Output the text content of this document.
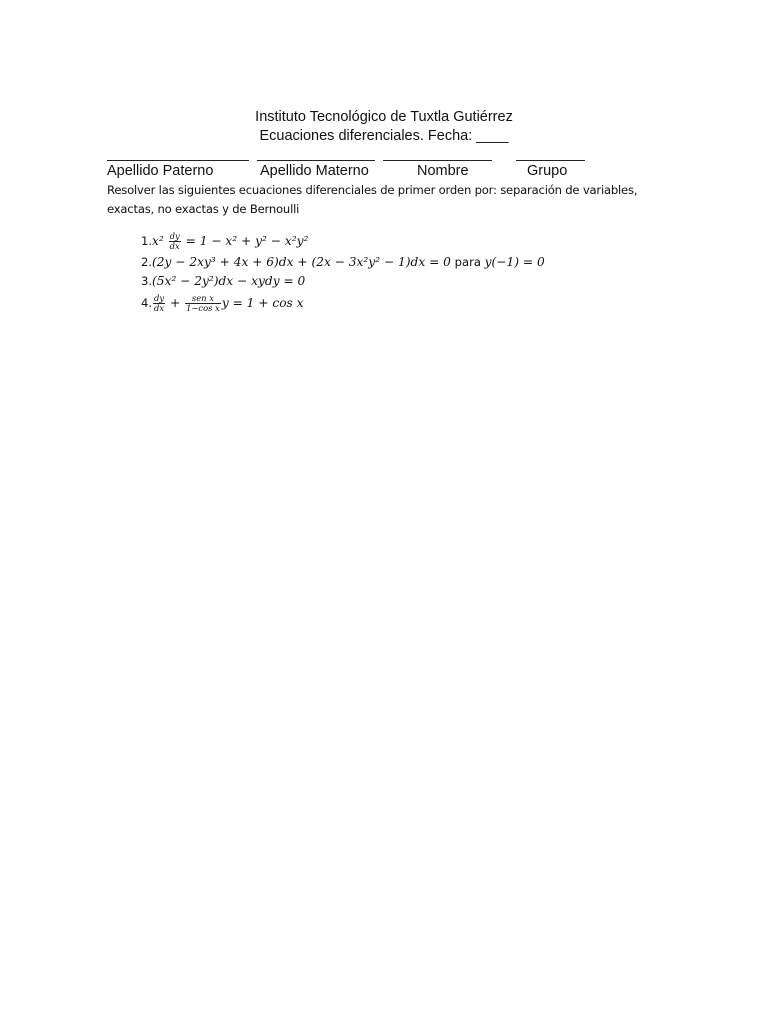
Instituto Tecnológico de Tuxtla Gutiérrez
Ecuaciones diferenciales. Fecha: ____
Apellido Paterno	Apellido Materno	Nombre	Grupo
Resolver las siguientes ecuaciones diferenciales de primer orden por: separación de variables, exactas, no exactas y de Bernoulli
1. $x^2 \frac{dy}{dx} = 1 - x^2 + y^2 - x^2y^2$
2. (2y − 2xy³ + 4x + 6)dx + (2x − 3x²y² − 1)dx = 0 para y(−1) = 0
3. (5x² − 2y²)dx − xydy = 0
4. $\frac{dy}{dx} + \frac{\text{sen x}}{\text{1−cos x}}$ y = 1 + cos x
